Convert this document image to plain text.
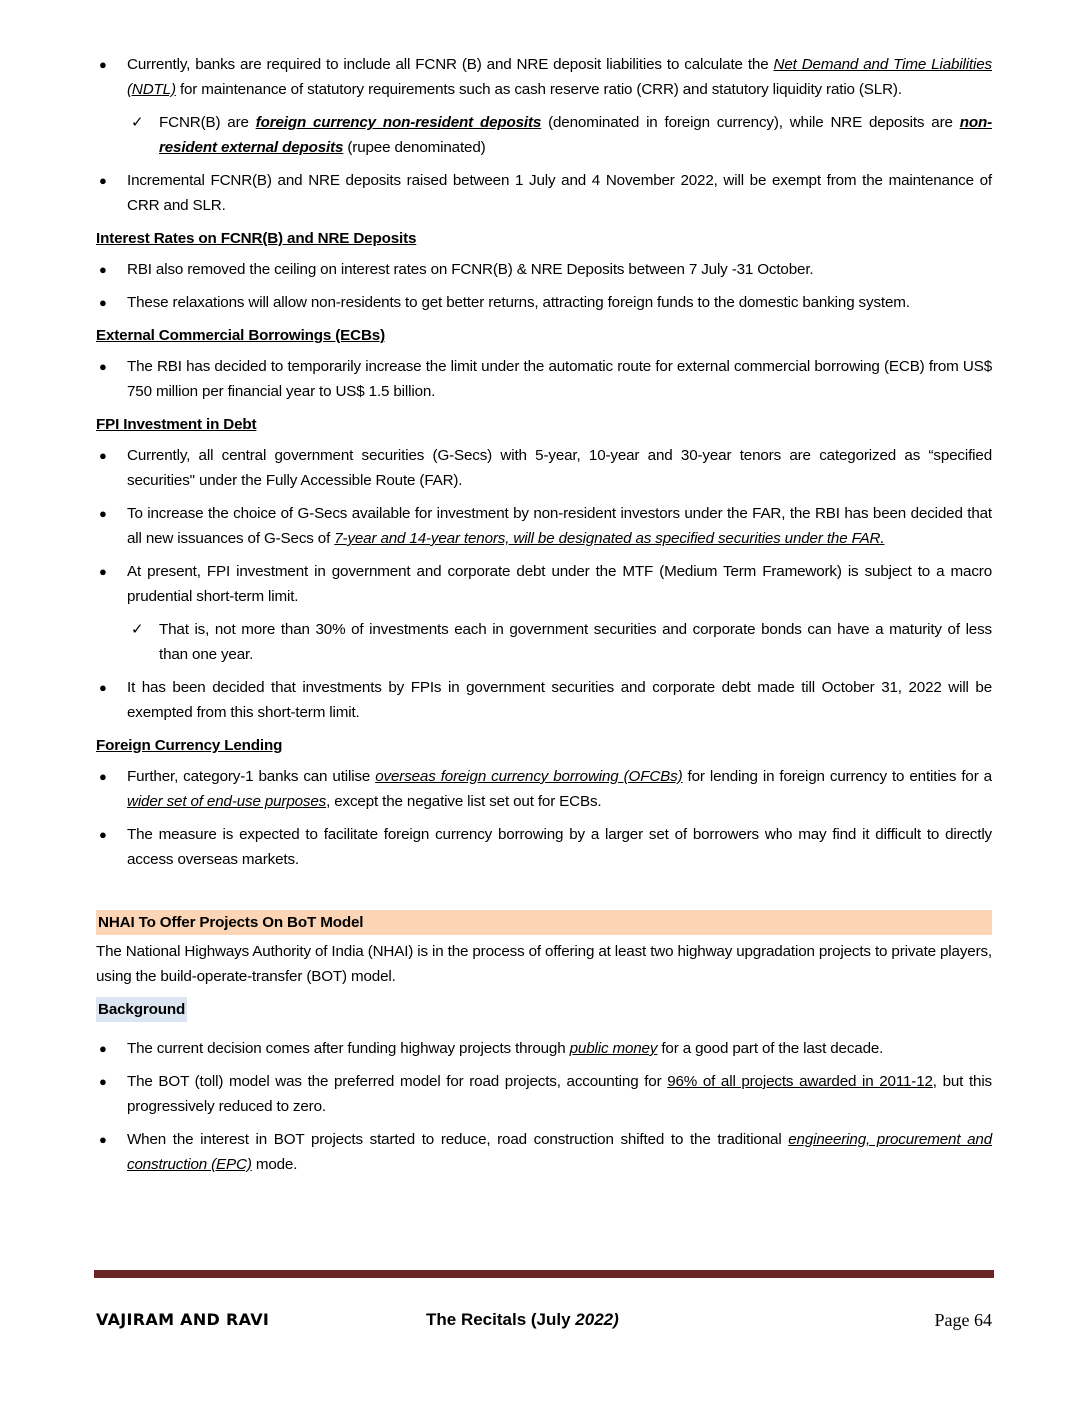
● Currently, banks are required to include all FCNR (B) and NRE deposit liabilities to calculate the Net Demand and Time Liabilities (NDTL) for maintenance of statutory requirements such as cash reserve ratio (CRR) and statutory liquidity ratio (SLR).
✓ FCNR(B) are foreign currency non-resident deposits (denominated in foreign currency), while NRE deposits are non-resident external deposits (rupee denominated)
● Incremental FCNR(B) and NRE deposits raised between 1 July and 4 November 2022, will be exempt from the maintenance of CRR and SLR.
Interest Rates on FCNR(B) and NRE Deposits
● RBI also removed the ceiling on interest rates on FCNR(B) & NRE Deposits between 7 July -31 October.
● These relaxations will allow non-residents to get better returns, attracting foreign funds to the domestic banking system.
External Commercial Borrowings (ECBs)
● The RBI has decided to temporarily increase the limit under the automatic route for external commercial borrowing (ECB) from US$ 750 million per financial year to US$ 1.5 billion.
FPI Investment in Debt
● Currently, all central government securities (G-Secs) with 5-year, 10-year and 30-year tenors are categorized as “specified securities" under the Fully Accessible Route (FAR).
● To increase the choice of G-Secs available for investment by non-resident investors under the FAR, the RBI has been decided that all new issuances of G-Secs of 7-year and 14-year tenors, will be designated as specified securities under the FAR.
● At present, FPI investment in government and corporate debt under the MTF (Medium Term Framework) is subject to a macro prudential short-term limit.
✓ That is, not more than 30% of investments each in government securities and corporate bonds can have a maturity of less than one year.
● It has been decided that investments by FPIs in government securities and corporate debt made till October 31, 2022 will be exempted from this short-term limit.
Foreign Currency Lending
● Further, category-1 banks can utilise overseas foreign currency borrowing (OFCBs) for lending in foreign currency to entities for a wider set of end-use purposes, except the negative list set out for ECBs.
● The measure is expected to facilitate foreign currency borrowing by a larger set of borrowers who may find it difficult to directly access overseas markets.
NHAI To Offer Projects On BoT Model
The National Highways Authority of India (NHAI) is in the process of offering at least two highway upgradation projects to private players, using the build-operate-transfer (BOT) model.
Background
● The current decision comes after funding highway projects through public money for a good part of the last decade.
● The BOT (toll) model was the preferred model for road projects, accounting for 96% of all projects awarded in 2011-12, but this progressively reduced to zero.
● When the interest in BOT projects started to reduce, road construction shifted to the traditional engineering, procurement and construction (EPC) mode.
VAJIRAM AND RAVI	The Recitals (July 2022)	Page 64
